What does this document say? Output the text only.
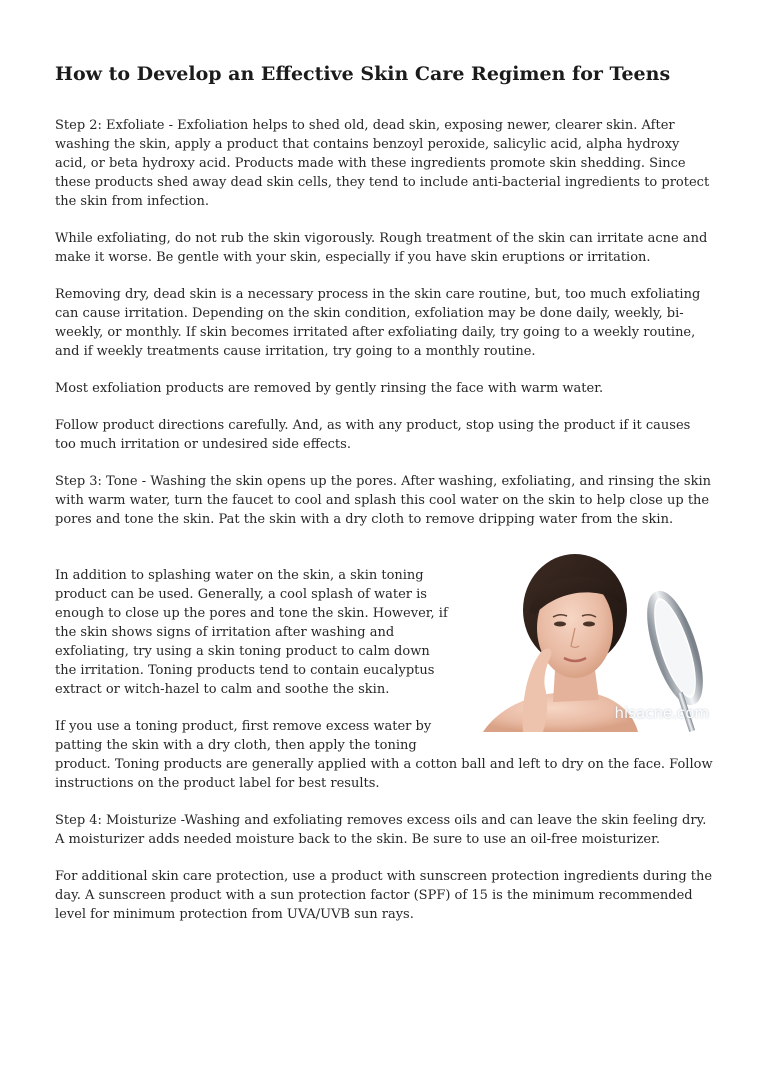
How to Develop an Effective Skin Care Regimen for Teens

Step 2: Exfoliate - Exfoliation helps to shed old, dead skin, exposing newer, clearer skin. After washing the skin, apply a product that contains benzoyl peroxide, salicylic acid, alpha hydroxy acid, or beta hydroxy acid. Products made with these ingredients promote skin shedding. Since these products shed away dead skin cells, they tend to include anti-bacterial ingredients to protect the skin from infection.

While exfoliating, do not rub the skin vigorously. Rough treatment of the skin can irritate acne and make it worse. Be gentle with your skin, especially if you have skin eruptions or irritation.

Removing dry, dead skin is a necessary process in the skin care routine, but, too much exfoliating can cause irritation. Depending on the skin condition, exfoliation may be done daily, weekly, bi-weekly, or monthly. If skin becomes irritated after exfoliating daily, try going to a weekly routine, and if weekly treatments cause irritation, try going to a monthly routine.

Most exfoliation products are removed by gently rinsing the face with warm water.

Follow product directions carefully. And, as with any product, stop using the product if it causes too much irritation or undesired side effects.

Step 3: Tone - Washing the skin opens up the pores. After washing, exfoliating, and rinsing the skin with warm water, turn the faucet to cool and splash this cool water on the skin to help close up the pores and tone the skin. Pat the skin with a dry cloth to remove dripping water from the skin.

hisacne.com

In addition to splashing water on the skin, a skin toning product can be used. Generally, a cool splash of water is enough to close up the pores and tone the skin. However, if the skin shows signs of irritation after washing and exfoliating, try using a skin toning product to calm down the irritation. Toning products tend to contain eucalyptus extract or witch-hazel to calm and soothe the skin.

If you use a toning product, first remove excess water by patting the skin with a dry cloth, then apply the toning product. Toning products are generally applied with a cotton ball and left to dry on the face. Follow instructions on the product label for best results.

Step 4: Moisturize -Washing and exfoliating removes excess oils and can leave the skin feeling dry. A moisturizer adds needed moisture back to the skin. Be sure to use an oil-free moisturizer.

For additional skin care protection, use a product with sunscreen protection ingredients during the day. A sunscreen product with a sun protection factor (SPF) of 15 is the minimum recommended level for minimum protection from UVA/UVB sun rays.
